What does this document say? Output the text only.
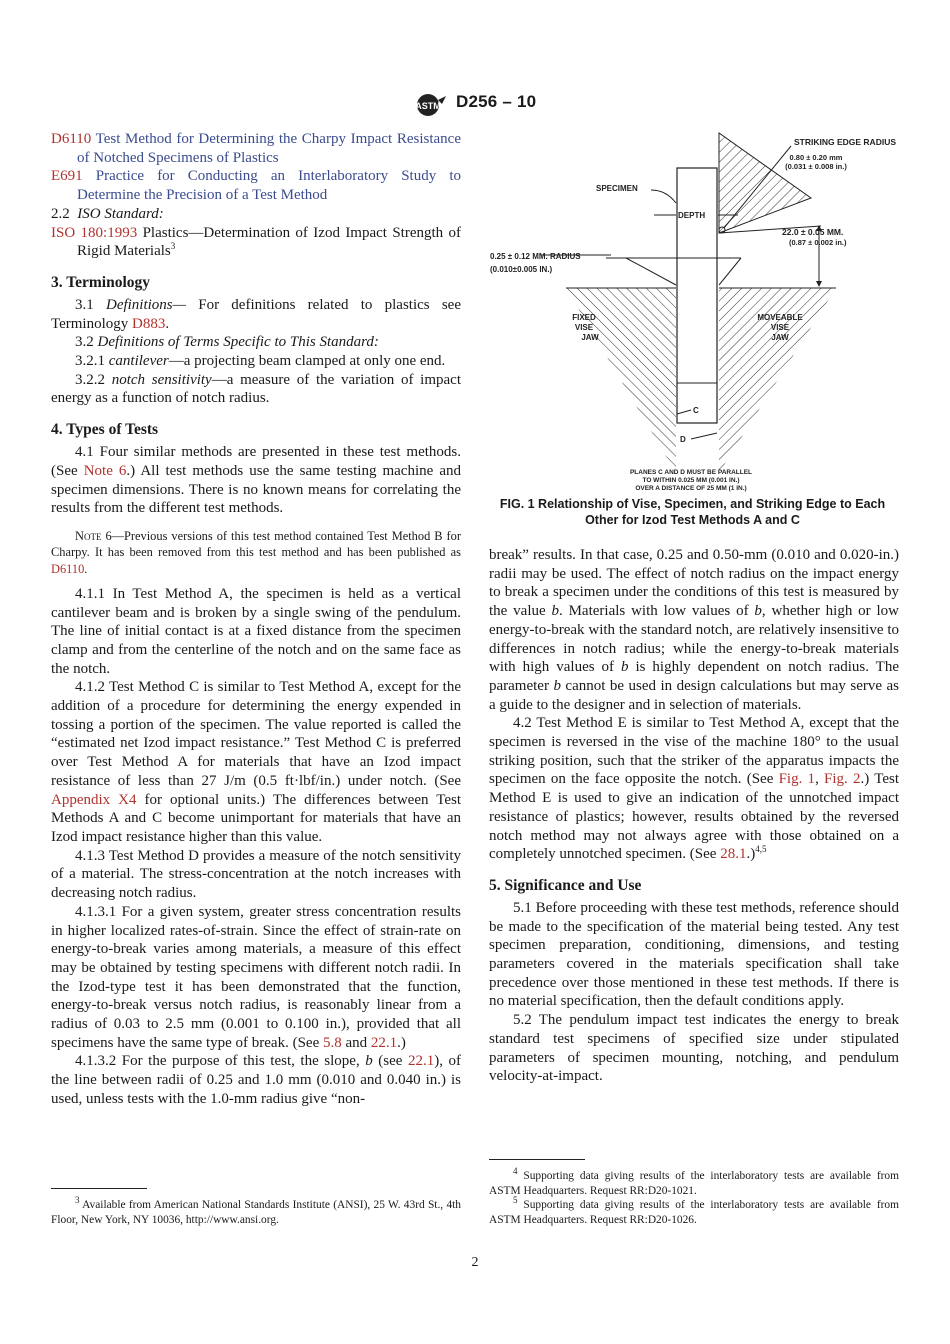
ASTM D256 – 10

D6110 Test Method for Determining the Charpy Impact Resistance of Notched Specimens of Plastics

E691 Practice for Conducting an Interlaboratory Study to Determine the Precision of a Test Method

2.2 ISO Standard:

ISO 180:1993 Plastics—Determination of Izod Impact Strength of Rigid Materials$^3$

3. Terminology

3.1 Definitions— For definitions related to plastics see Terminology D883.

3.2 Definitions of Terms Specific to This Standard:

3.2.1 cantilever—a projecting beam clamped at only one end.

3.2.2 notch sensitivity—a measure of the variation of impact energy as a function of notch radius.

4. Types of Tests

4.1 Four similar methods are presented in these test methods. (See Note 6.) All test methods use the same testing machine and specimen dimensions. There is no known means for correlating the results from the different test methods.

Note 6—Previous versions of this test method contained Test Method B for Charpy. It has been removed from this test method and has been published as D6110.

4.1.1 In Test Method A, the specimen is held as a vertical cantilever beam and is broken by a single swing of the pendulum. The line of initial contact is at a fixed distance from the specimen clamp and from the centerline of the notch and on the same face as the notch.

4.1.2 Test Method C is similar to Test Method A, except for the addition of a procedure for determining the energy expended in tossing a portion of the specimen. The value reported is called the “estimated net Izod impact resistance.” Test Method C is preferred over Test Method A for materials that have an Izod impact resistance of less than 27 J/m (0.5 ft·lbf/in.) under notch. (See Appendix X4 for optional units.) The differences between Test Methods A and C become unimportant for materials that have an Izod impact resistance higher than this value.

4.1.3 Test Method D provides a measure of the notch sensitivity of a material. The stress-concentration at the notch increases with decreasing notch radius.

4.1.3.1 For a given system, greater stress concentration results in higher localized rates-of-strain. Since the effect of strain-rate on energy-to-break varies among materials, a measure of this effect may be obtained by testing specimens with different notch radii. In the Izod-type test it has been demonstrated that the function, energy-to-break versus notch radius, is reasonably linear from a radius of 0.03 to 2.5 mm (0.001 to 0.100 in.), provided that all specimens have the same type of break. (See 5.8 and 22.1.)

4.1.3.2 For the purpose of this test, the slope, b (see 22.1), of the line between radii of 0.25 and 1.0 mm (0.010 and 0.040 in.) is used, unless tests with the 1.0-mm radius give “non-

STRIKING EDGE RADIUS
0.80 ± 0.20 mm
(0.031 ± 0.008 in.)
SPECIMEN
DEPTH
22.0 ± 0.05 MM.
(0.87 ± 0.002 in.)
0.25 ± 0.12 MM. RADIUS
(0.010±0.005 IN.)
FIXED
VISE
JAW
MOVEABLE
VISE
JAW
C
D
PLANES C AND D MUST BE PARALLEL
TO WITHIN 0.025 MM (0.001 IN.)
OVER A DISTANCE OF 25 MM (1 IN.)
FIG. 1 Relationship of Vise, Specimen, and Striking Edge to Each
Other for Izod Test Methods A and C

break” results. In that case, 0.25 and 0.50-mm (0.010 and 0.020-in.) radii may be used. The effect of notch radius on the impact energy to break a specimen under the conditions of this test is measured by the value b. Materials with low values of b, whether high or low energy-to-break with the standard notch, are relatively insensitive to differences in notch radius; while the energy-to-break materials with high values of b is highly dependent on notch radius. The parameter b cannot be used in design calculations but may serve as a guide to the designer and in selection of materials.

4.2 Test Method E is similar to Test Method A, except that the specimen is reversed in the vise of the machine 180° to the usual striking position, such that the striker of the apparatus impacts the specimen on the face opposite the notch. (See Fig. 1, Fig. 2.) Test Method E is used to give an indication of the unnotched impact resistance of plastics; however, results obtained by the reversed notch method may not always agree with those obtained on a completely unnotched specimen. (See 28.1.)$^{4,5}$

5. Significance and Use

5.1 Before proceeding with these test methods, reference should be made to the specification of the material being tested. Any test specimen preparation, conditioning, dimensions, and testing parameters covered in the materials specification shall take precedence over those mentioned in these test methods. If there is no material specification, then the default conditions apply.

5.2 The pendulum impact test indicates the energy to break standard test specimens of specified size under stipulated parameters of specimen mounting, notching, and pendulum velocity-at-impact.

$^3$ Available from American National Standards Institute (ANSI), 25 W. 43rd St., 4th Floor, New York, NY 10036, http://www.ansi.org.

$^4$ Supporting data giving results of the interlaboratory tests are available from ASTM Headquarters. Request RR:D20-1021.

$^5$ Supporting data giving results of the interlaboratory tests are available from ASTM Headquarters. Request RR:D20-1026.

2
